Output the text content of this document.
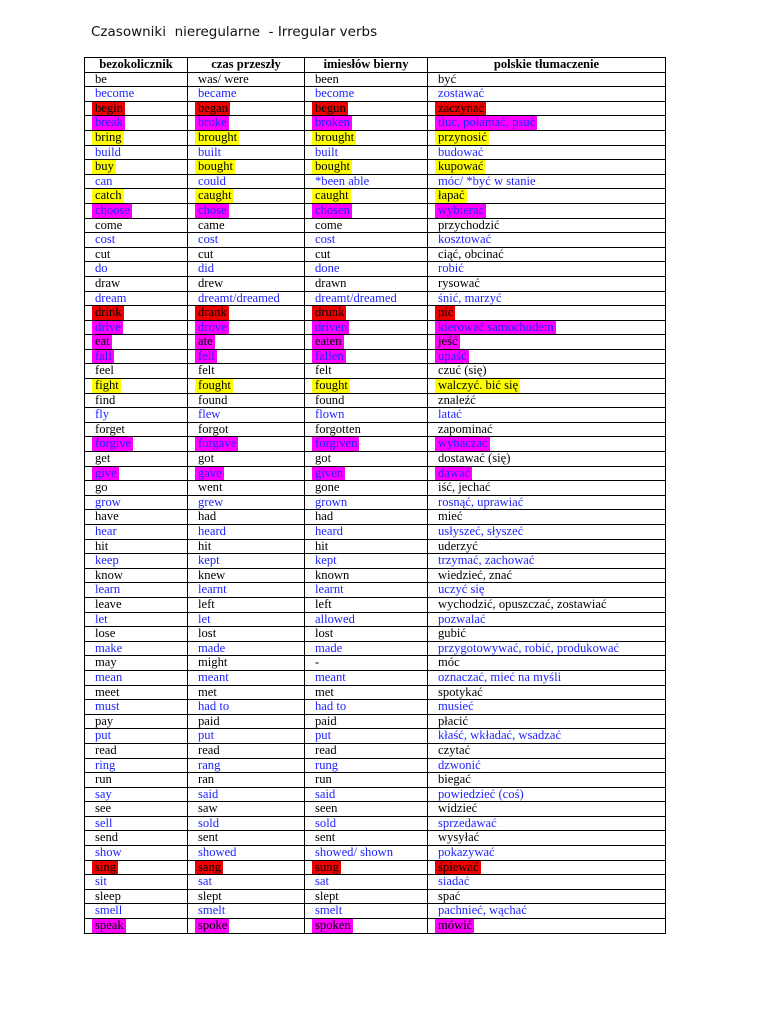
Czasowniki  nieregularne  - Irregular verbs
bezokolicznik	czas przeszły	imiesłów bierny	polskie tłumaczenie
be	was/ were	been	być
become	became	become	zostawać
begin	began	begun	zaczynać
break	broke	broken	tłuc, połamać, psuć
bring	brought	brought	przynosić
build	built	built	budować
buy	bought	bought	kupować
can	could	*been able	móc/ *być w stanie
catch	caught	caught	łapać
choose	chose	chosen	wybierać
come	came	come	przychodzić
cost	cost	cost	kosztować
cut	cut	cut	ciąć, obcinać
do	did	done	robić
draw	drew	drawn	rysować
dream	dreamt/dreamed	dreamt/dreamed	śnić, marzyć
drink	drank	drunk	pić
drive	drove	driven	kierować samochodem
eat	ate	eaten	jeść
fall	fell	fallen	upaść
feel	felt	felt	czuć (się)
fight	fought	fought	walczyć. bić się
find	found	found	znaleźć
fly	flew	flown	latać
forget	forgot	forgotten	zapominać
forgive	forgave	forgiven	wybaczać
get	got	got	dostawać (się)
give	gave	given	dawać
go	went	gone	iść, jechać
grow	grew	grown	rosnąć, uprawiać
have	had	had	mieć
hear	heard	heard	usłyszeć, słyszeć
hit	hit	hit	uderzyć
keep	kept	kept	trzymać, zachować
know	knew	known	wiedzieć, znać
learn	learnt	learnt	uczyć się
leave	left	left	wychodzić, opuszczać, zostawiać
let	let	allowed	pozwalać
lose	lost	lost	gubić
make	made	made	przygotowywać, robić, produkować
may	might	-	móc
mean	meant	meant	oznaczać, mieć na myśli
meet	met	met	spotykać
must	had to	had to	musieć
pay	paid	paid	płacić
put	put	put	kłaść, wkładać, wsadzać
read	read	read	czytać
ring	rang	rung	dzwonić
run	ran	run	biegać
say	said	said	powiedzieć (coś)
see	saw	seen	widzieć
sell	sold	sold	sprzedawać
send	sent	sent	wysyłać
show	showed	showed/ shown	pokazywać
sing	sang	sung	śpiewać
sit	sat	sat	siadać
sleep	slept	slept	spać
smell	smelt	smelt	pachnieć, wąchać
speak	spoke	spoken	mówić
